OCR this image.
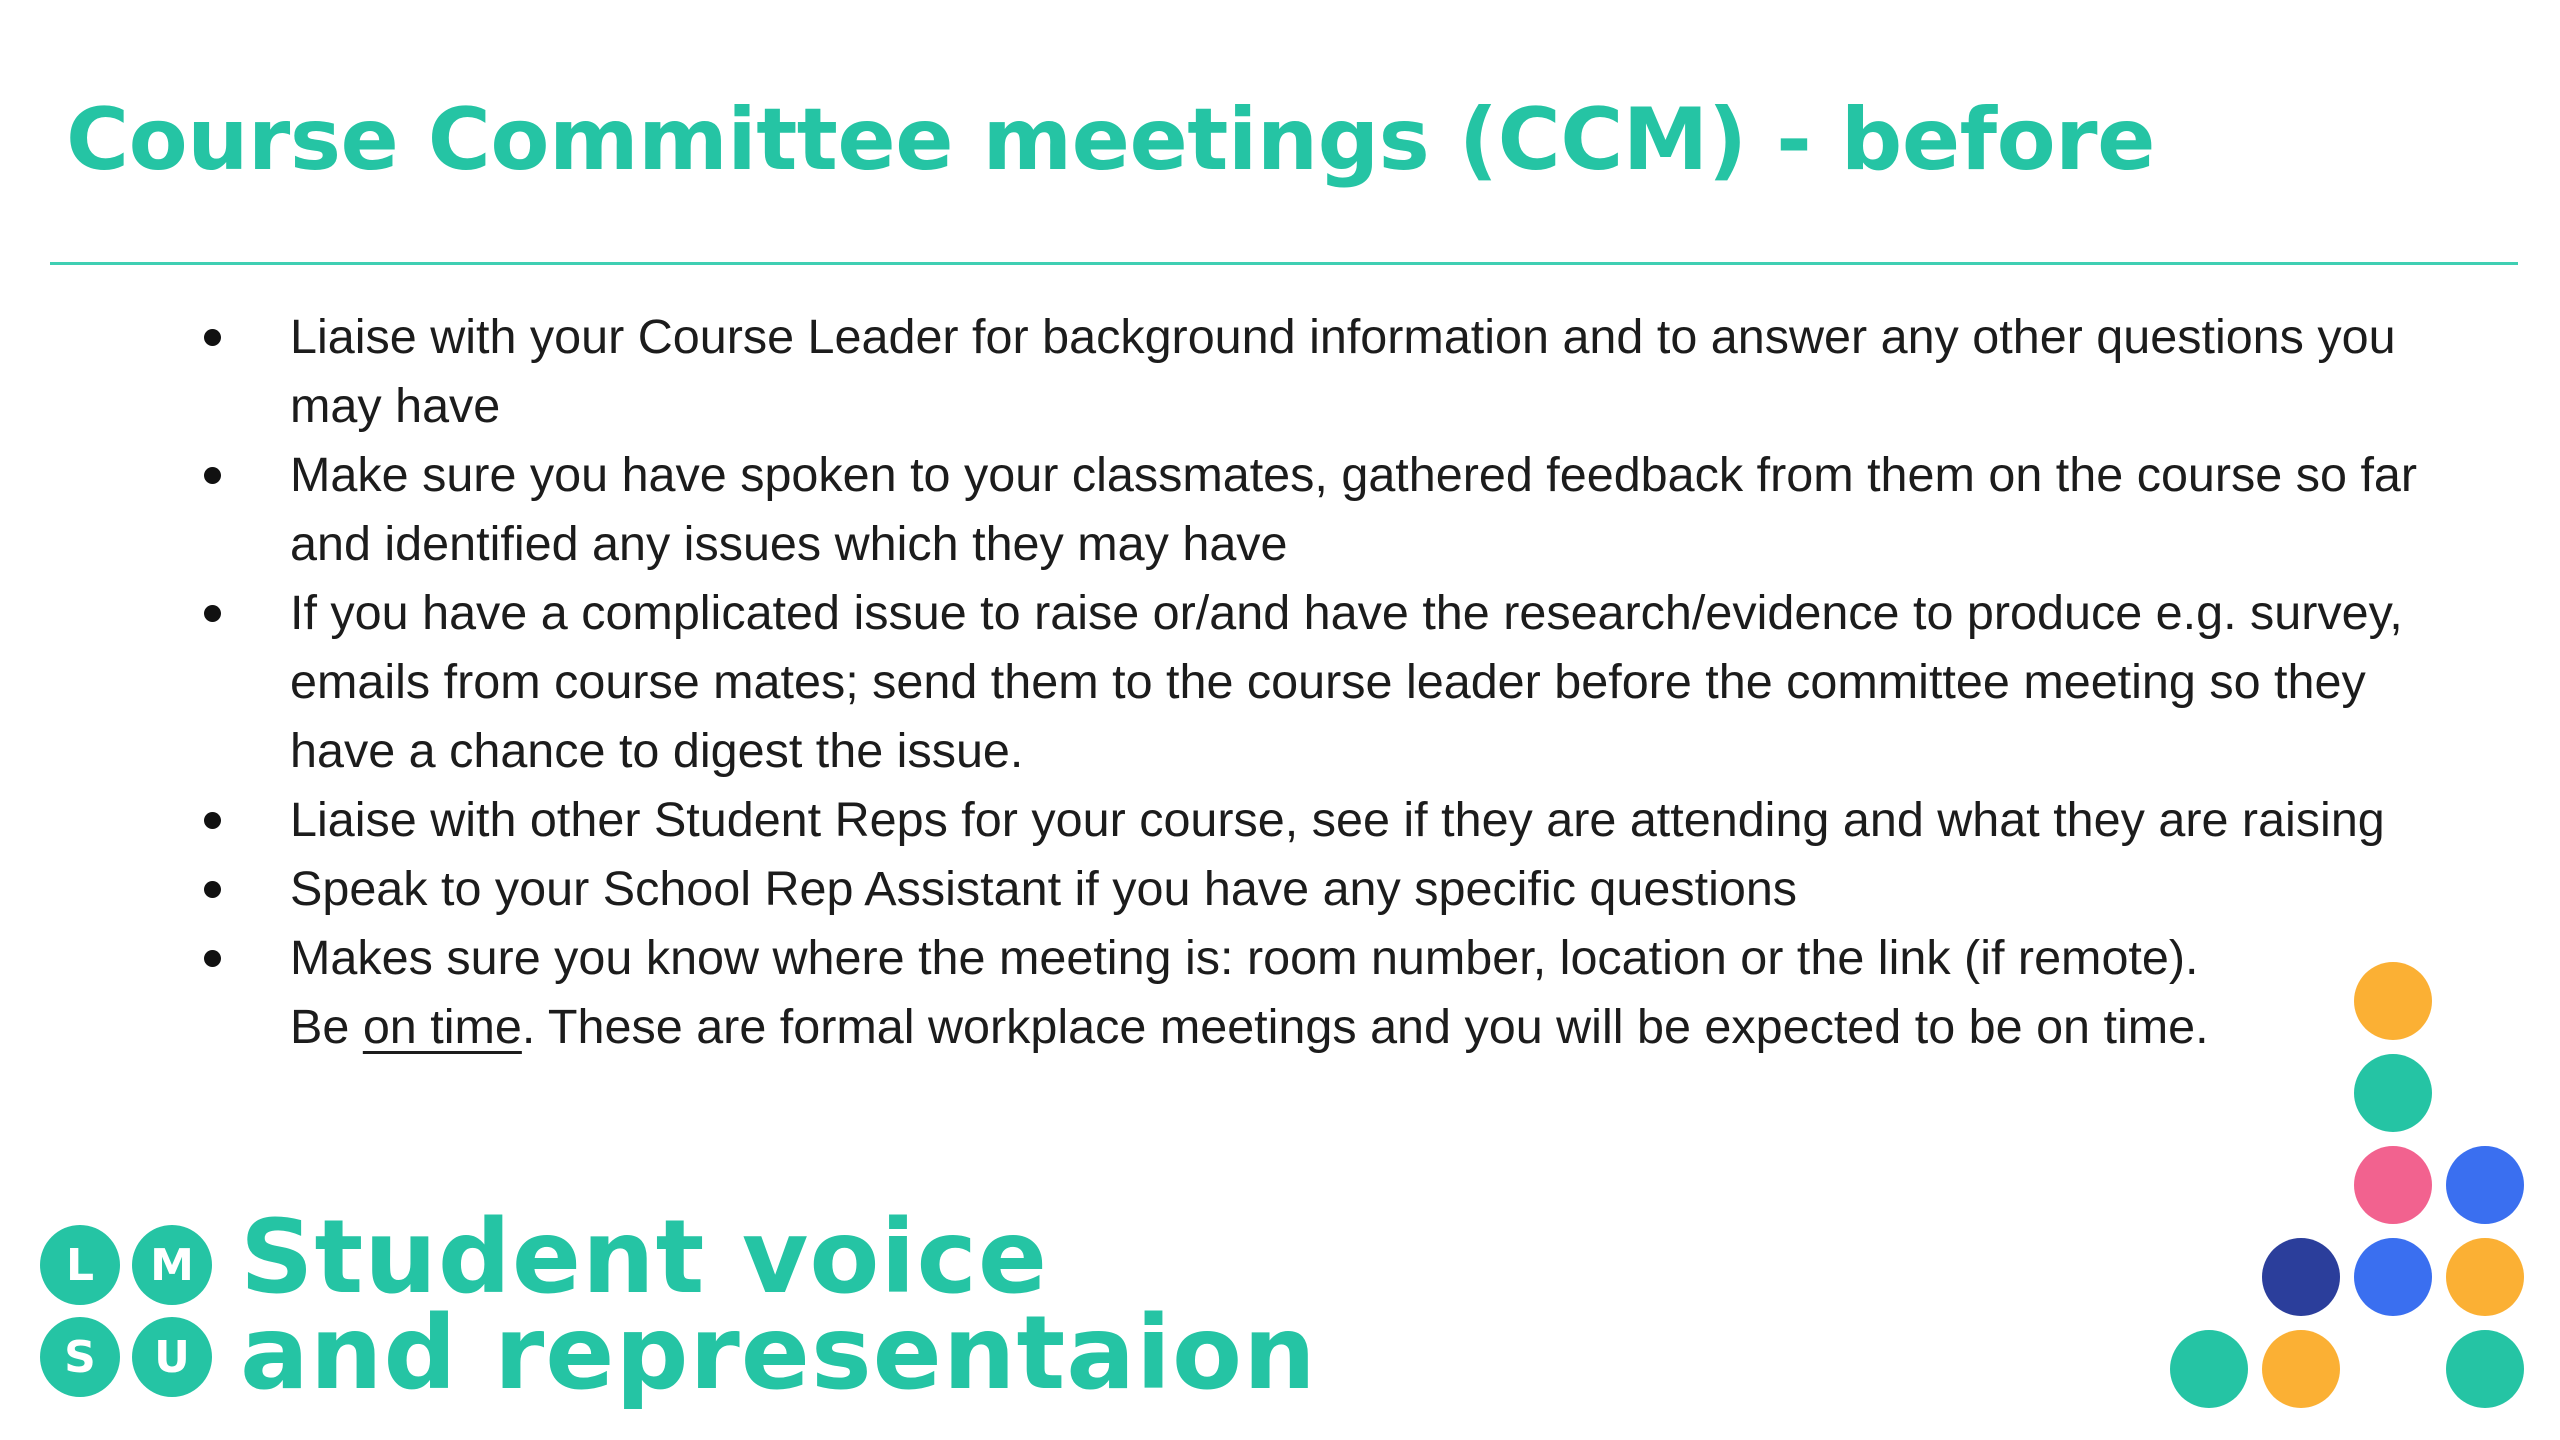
Course Committee meetings (CCM) - before
Liaise with your Course Leader for background information and to answer any other questions you may have
Make sure you have spoken to your classmates, gathered feedback from them on the course so far and identified any issues which they may have
If you have a complicated issue to raise or/and have the research/evidence to produce e.g. survey, emails from course mates; send them to the course leader before the committee meeting so they have a chance to digest the issue.
Liaise with other Student Reps for your course, see if they are attending and what they are raising
Speak to your School Rep Assistant if you have any specific questions
Makes sure you know where the meeting is: room number, location or the link (if remote).
Be on time. These are formal workplace meetings and you will be expected to be on time.
L	M
S	U
Student voice
and representaion
